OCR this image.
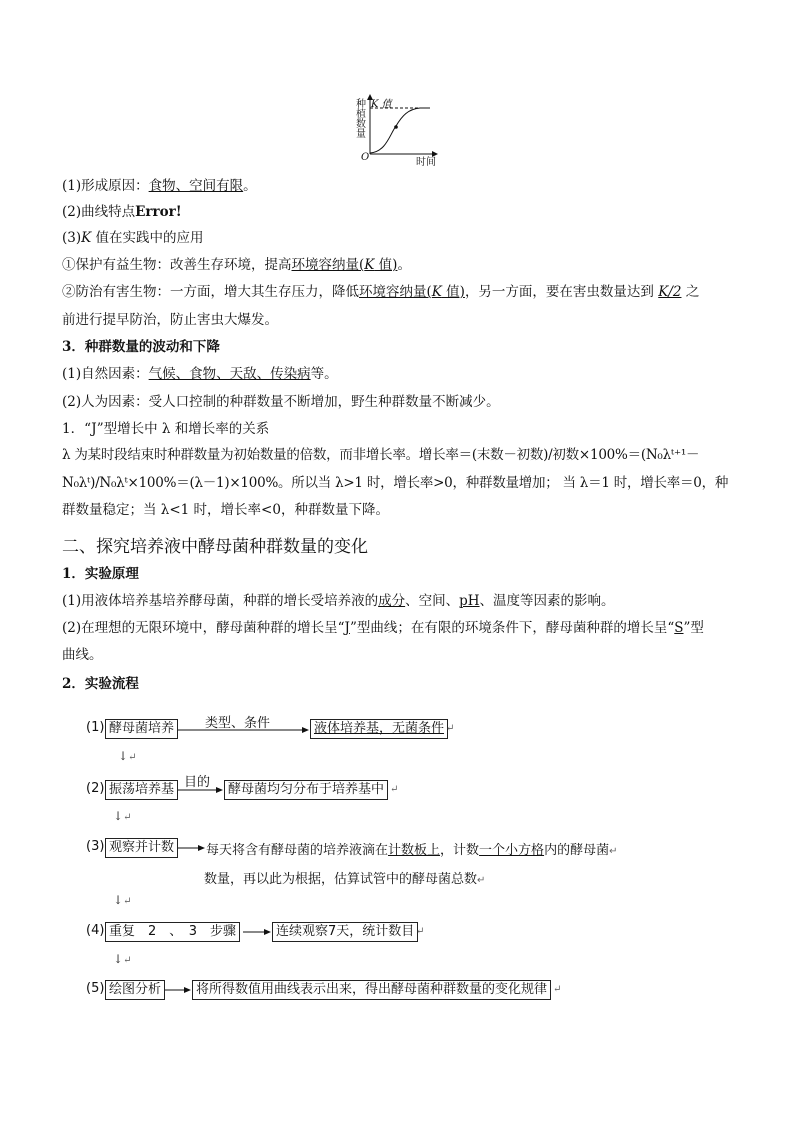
种
植
数
量
K 值
O	时间
(1)形成原因：食物、空间有限。
(2)曲线特点Error!
(3)K 值在实践中的应用
①保护有益生物：改善生存环境，提高环境容纳量(K 值)。
②防治有害生物：一方面，增大其生存压力，降低环境容纳量(K 值)，另一方面，要在害虫数量达到 K/2 之
前进行提早防治，防止害虫大爆发。
3．种群数量的波动和下降
(1)自然因素：气候、食物、天敌、传染病等。
(2)人为因素：受人口控制的种群数量不断增加，野生种群数量不断减少。
1．“J”型增长中 λ 和增长率的关系
λ 为某时段结束时种群数量为初始数量的倍数，而非增长率。增长率＝(末数－初数)/初数×100%＝(N₀λᵗ⁺¹－
N₀λᵗ)/N₀λᵗ×100%＝(λ－1)×100%。所以当 λ>1 时，增长率>0，种群数量增加； 当 λ＝1 时，增长率＝0，种
群数量稳定；当 λ<1 时，增长率<0，种群数量下降。
二、探究培养液中酵母菌种群数量的变化
1．实验原理
(1)用液体培养基培养酵母菌，种群的增长受培养液的成分、空间、pH、温度等因素的影响。
(2)在理想的无限环境中，酵母菌种群的增长呈“J”型曲线；在有限的环境条件下，酵母菌种群的增长呈“S”型
曲线。
2．实验流程
(1) 酵母菌培养	类型、条件	液体培养基，无菌条件 ↵
↓↵
(2) 振荡培养基 目的	酵母菌均匀分布于培养基中 ↵
↓↵
(3) 观察并计数	每天将含有酵母菌的培养液滴在计数板上，计数一个小方格内的酵母菌↵
数量，再以此为根据，估算试管中的酵母菌总数↵
↓↵
(4) 重复　2　、　3　步骤	连续观察7天，统计数目 ↵
↓↵
(5) 绘图分析	将所得数值用曲线表示出来，得出酵母菌种群数量的变化规律 ↵
